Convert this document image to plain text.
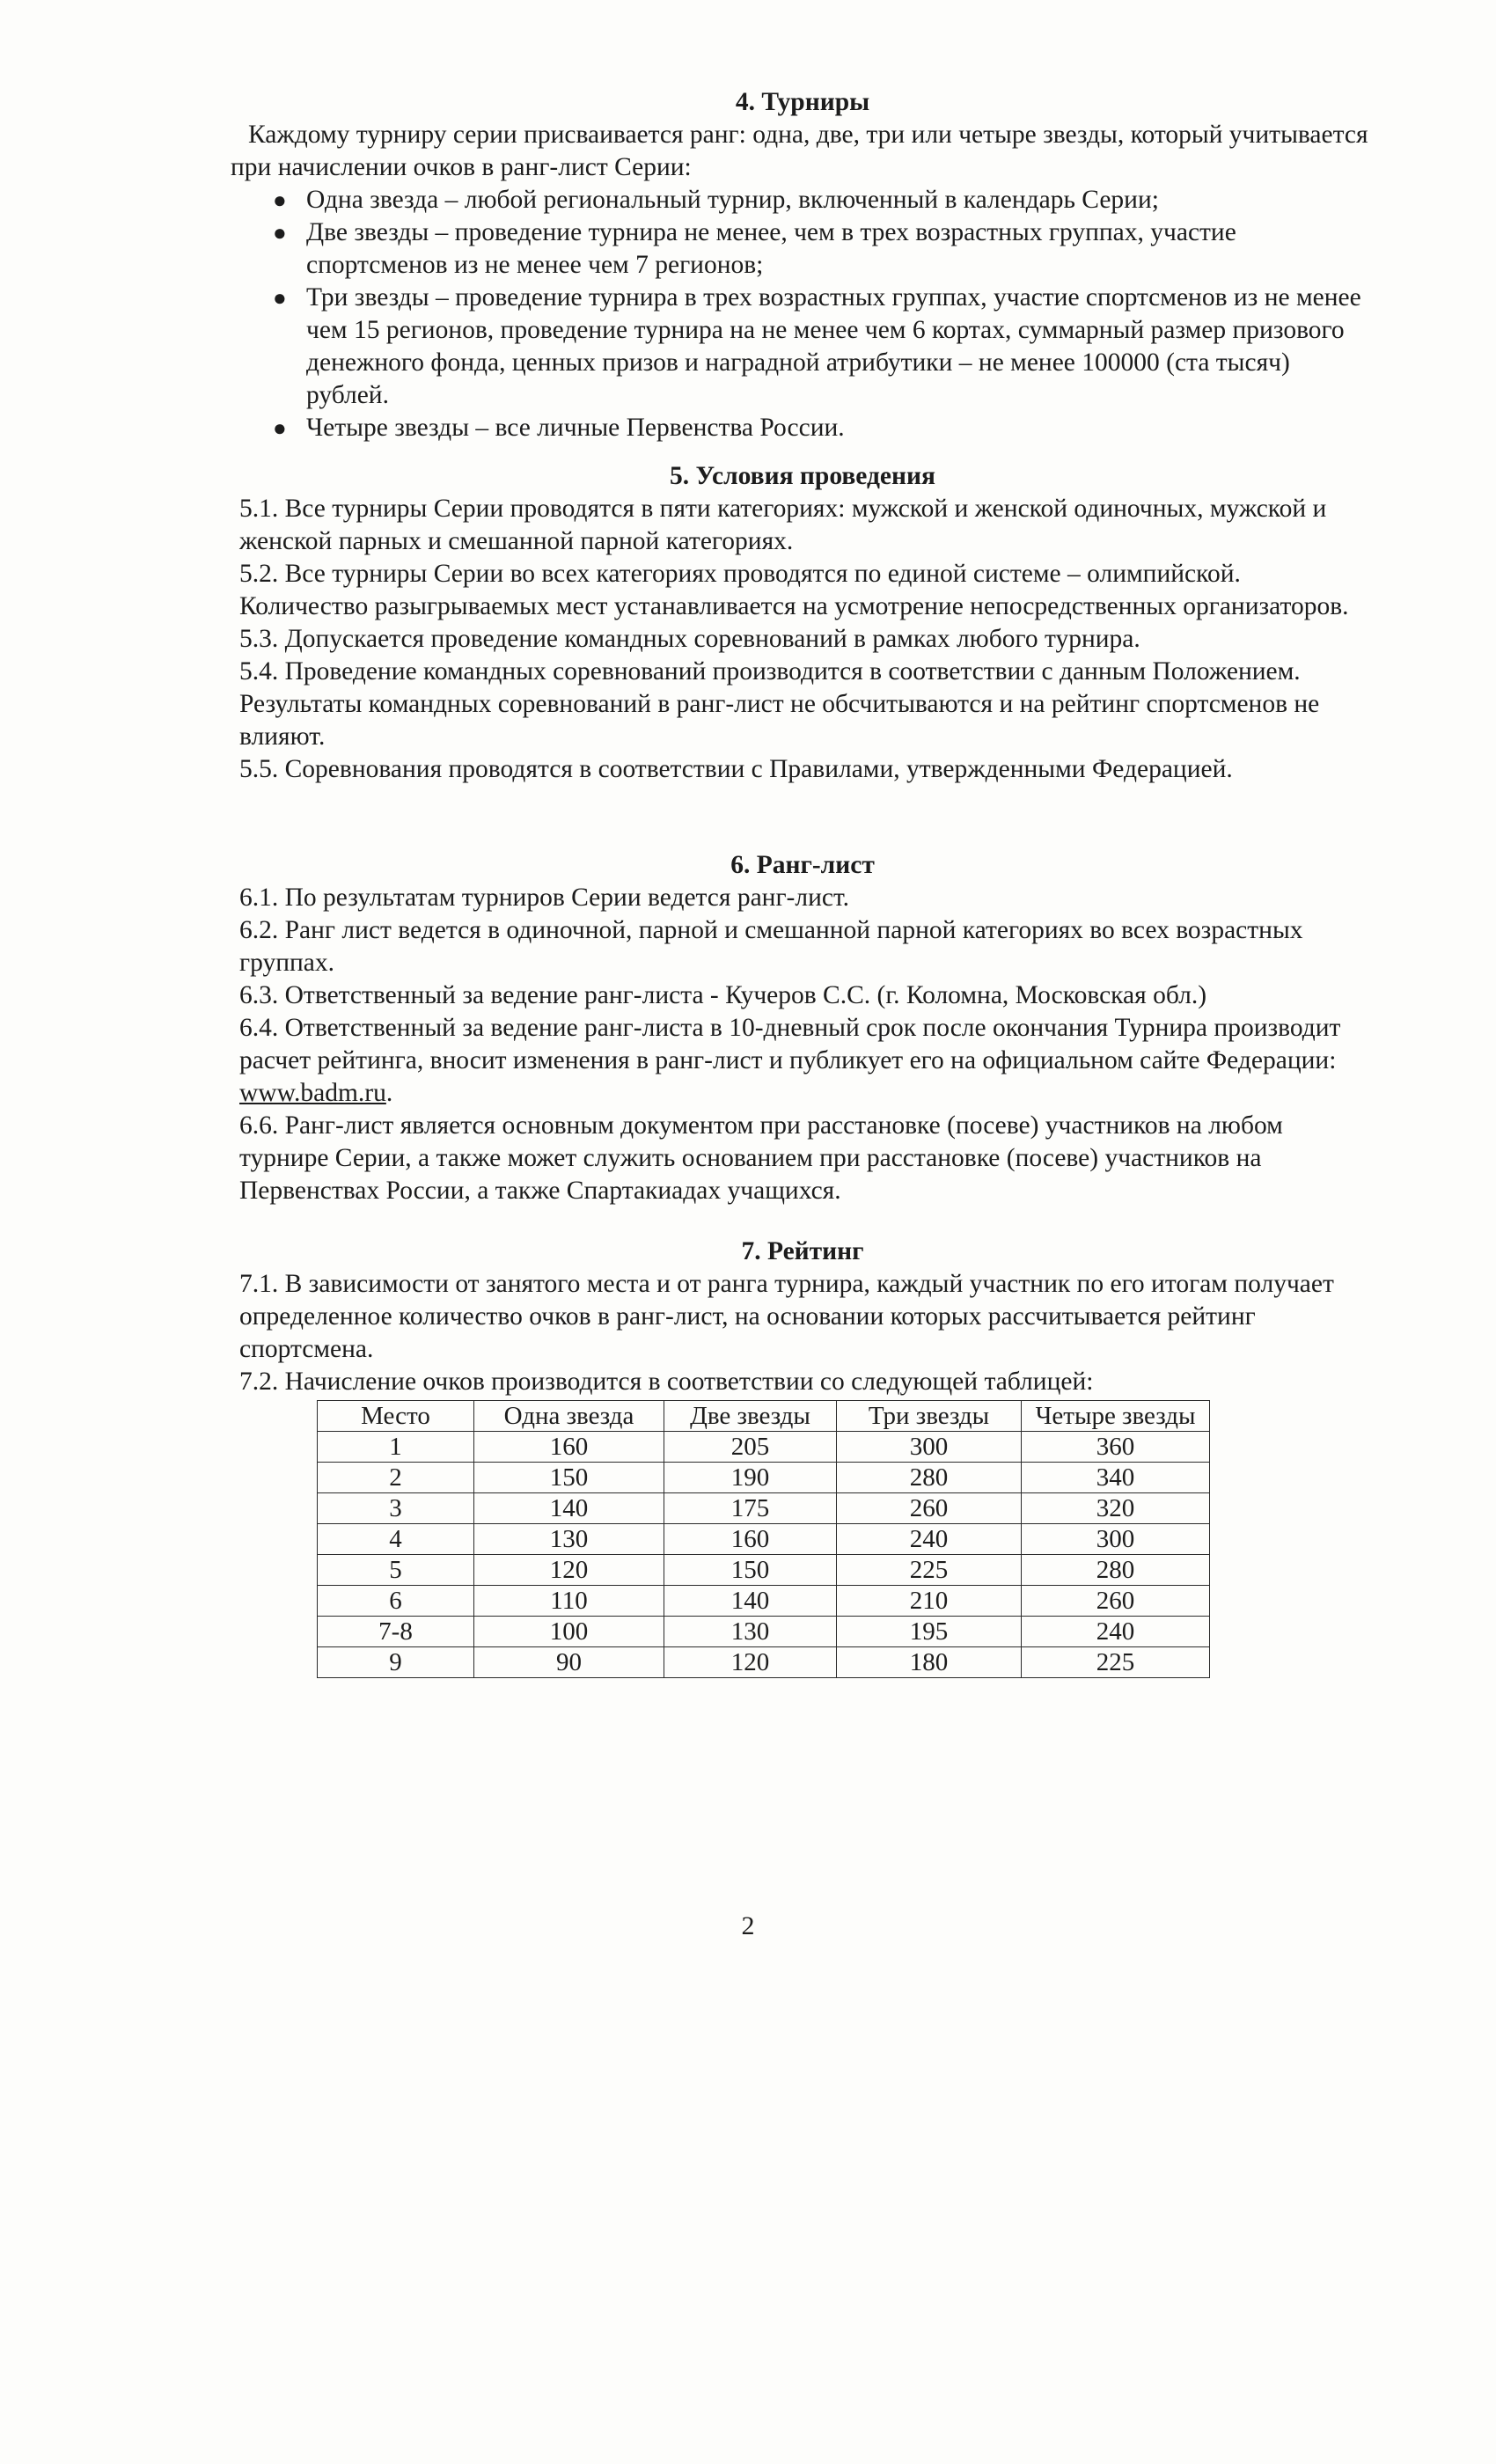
4. Турниры

Каждому турниру серии присваивается ранг: одна, две, три или четыре звезды, который учитывается при начислении очков в ранг-лист Серии:

● Одна звезда – любой региональный турнир, включенный в календарь Серии;
● Две звезды – проведение турнира не менее, чем в трех возрастных группах, участие спортсменов из не менее чем 7 регионов;
● Три звезды – проведение турнира в трех возрастных группах, участие спортсменов из не менее чем 15 регионов, проведение турнира на не менее чем 6 кортах, суммарный размер призового денежного фонда, ценных призов и наградной атрибутики – не менее 100000 (ста тысяч) рублей.
● Четыре звезды – все личные Первенства России.

5. Условия проведения

5.1. Все турниры Серии проводятся в пяти категориях: мужской и женской одиночных, мужской и женской парных и смешанной парной категориях.

5.2. Все турниры Серии во всех категориях проводятся по единой системе – олимпийской. Количество разыгрываемых мест устанавливается на усмотрение непосредственных организаторов.

5.3. Допускается проведение командных соревнований в рамках любого турнира.

5.4. Проведение командных соревнований производится в соответствии с данным Положением. Результаты командных соревнований в ранг-лист не обсчитываются и на рейтинг спортсменов не влияют.

5.5. Соревнования проводятся в соответствии с Правилами, утвержденными Федерацией.

6. Ранг-лист

6.1. По результатам турниров Серии ведется ранг-лист.

6.2. Ранг лист ведется в одиночной, парной и смешанной парной категориях во всех возрастных группах.

6.3. Ответственный за ведение ранг-листа - Кучеров С.С. (г. Коломна, Московская обл.)

6.4. Ответственный за ведение ранг-листа в 10-дневный срок после окончания Турнира производит расчет рейтинга, вносит изменения в ранг-лист и публикует его на официальном сайте Федерации: www.badm.ru.

6.6. Ранг-лист является основным документом при расстановке (посеве) участников на любом турнире Серии, а также может служить основанием при расстановке (посеве) участников на Первенствах России, а также Спартакиадах учащихся.

7. Рейтинг

7.1. В зависимости от занятого места и от ранга турнира, каждый участник по его итогам получает определенное количество очков в ранг-лист, на основании которых рассчитывается рейтинг спортсмена.

7.2. Начисление очков производится в соответствии со следующей таблицей:

Место	Одна звезда	Две звезды	Три звезды	Четыре звезды
1	160	205	300	360
2	150	190	280	340
3	140	175	260	320
4	130	160	240	300
5	120	150	225	280
6	110	140	210	260
7-8	100	130	195	240
9	90	120	180	225
2
